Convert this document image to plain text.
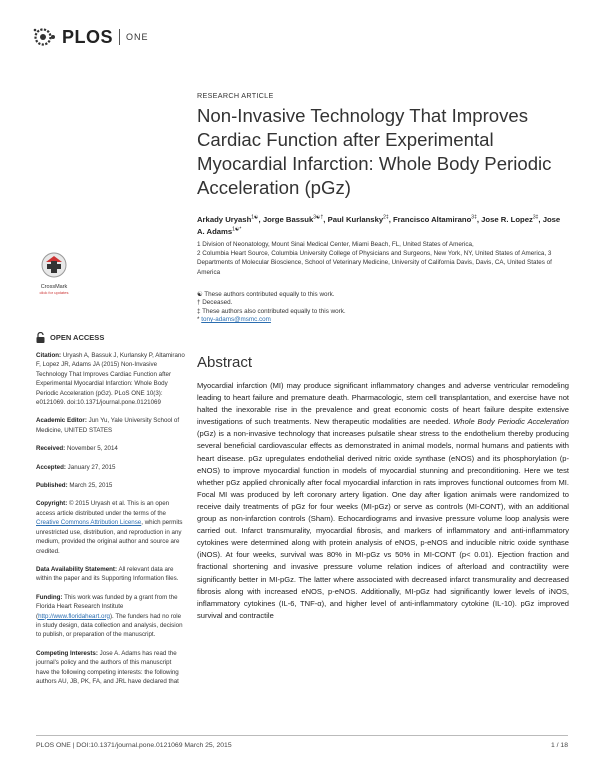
PLOS ONE
CrossMark
click for updates
OPEN ACCESS

Citation: Uryash A, Bassuk J, Kurlansky P, Altamirano F, Lopez JR, Adams JA (2015) Non-Invasive Technology That Improves Cardiac Function after Experimental Myocardial Infarction: Whole Body Periodic Acceleration (pGz). PLoS ONE 10(3): e0121069. doi:10.1371/journal.pone.0121069

Academic Editor: Jun Yu, Yale University School of Medicine, UNITED STATES

Received: November 5, 2014

Accepted: January 27, 2015

Published: March 25, 2015

Copyright: © 2015 Uryash et al. This is an open access article distributed under the terms of the Creative Commons Attribution License, which permits unrestricted use, distribution, and reproduction in any medium, provided the original author and source are credited.

Data Availability Statement: All relevant data are within the paper and its Supporting Information files.

Funding: This work was funded by a grant from the Florida Heart Research Institute (http://www.floridaheart.org). The funders had no role in study design, data collection and analysis, decision to publish, or preparation of the manuscript.

Competing Interests: Jose A. Adams has read the journal's policy and the authors of this manuscript have the following competing interests: the following authors AU, JB, PK, FA, and JRL have declared that

RESEARCH ARTICLE
Non-Invasive Technology That Improves Cardiac Function after Experimental Myocardial Infarction: Whole Body Periodic Acceleration (pGz)
Arkady Uryash$^{1☯}$, Jorge Bassuk$^{3☯\dagger}$, Paul Kurlansky$^{2\ddagger}$, Francisco Altamirano$^{3\ddagger}$, Jose R. Lopez$^{3\ddagger}$, Jose A. Adams$^{1☯*}$

1 Division of Neonatology, Mount Sinai Medical Center, Miami Beach, FL, United States of America,

2 Columbia Heart Source, Columbia University College of Physicians and Surgeons, New York, NY, United States of America, 3 Departments of Molecular Bioscience, School of Veterinary Medicine, University of California Davis, Davis, CA, United States of America

☯ These authors contributed equally to this work.

† Deceased.

‡ These authors also contributed equally to this work.

* tony-adams@msmc.com

Abstract

Myocardial infarction (MI) may produce significant inflammatory changes and adverse ventricular remodeling leading to heart failure and premature death. Pharmacologic, stem cell transplantation, and exercise have not halted the inexorable rise in the prevalence and great economic costs of heart failure despite extensive investigations of such treatments. New therapeutic modalities are needed. Whole Body Periodic Acceleration (pGz) is a non-invasive technology that increases pulsatile shear stress to the endothelium thereby producing several beneficial cardiovascular effects as demonstrated in animal models, normal humans and patients with heart disease. pGz upregulates endothelial derived nitric oxide synthase (eNOS) and its phosphorylation (p-eNOS) to improve myocardial function in models of myocardial stunning and preconditioning. Here we test whether pGz applied chronically after focal myocardial infarction in rats improves functional outcomes from MI. Focal MI was produced by left coronary artery ligation. One day after ligation animals were randomized to receive daily treatments of pGz for four weeks (MI-pGz) or serve as controls (MI-CONT), with an additional group as non-infarction controls (Sham). Echocardiograms and invasive pressure volume loop analysis were carried out. Infarct transmurality, myocardial fibrosis, and markers of inflammatory and anti-inflammatory cytokines were determined along with protein analysis of eNOS, p-eNOS and inducible nitric oxide synthase (iNOS). At four weeks, survival was 80% in MI-pGz vs 50% in MI-CONT (p< 0.01). Ejection fraction and fractional shortening and invasive pressure volume relation indices of afterload and contractility were significantly better in MI-pGz. The latter where associated with decreased infarct transmurality and decreased fibrosis along with increased eNOS, p-eNOS. Additionally, MI-pGz had significantly lower levels of iNOS, inflammatory cytokines (IL-6, TNF-α), and higher level of anti-inflammatory cytokine (IL-10). pGz improved survival and contractile

PLOS ONE | DOI:10.1371/journal.pone.0121069 March 25, 2015	1 / 18
